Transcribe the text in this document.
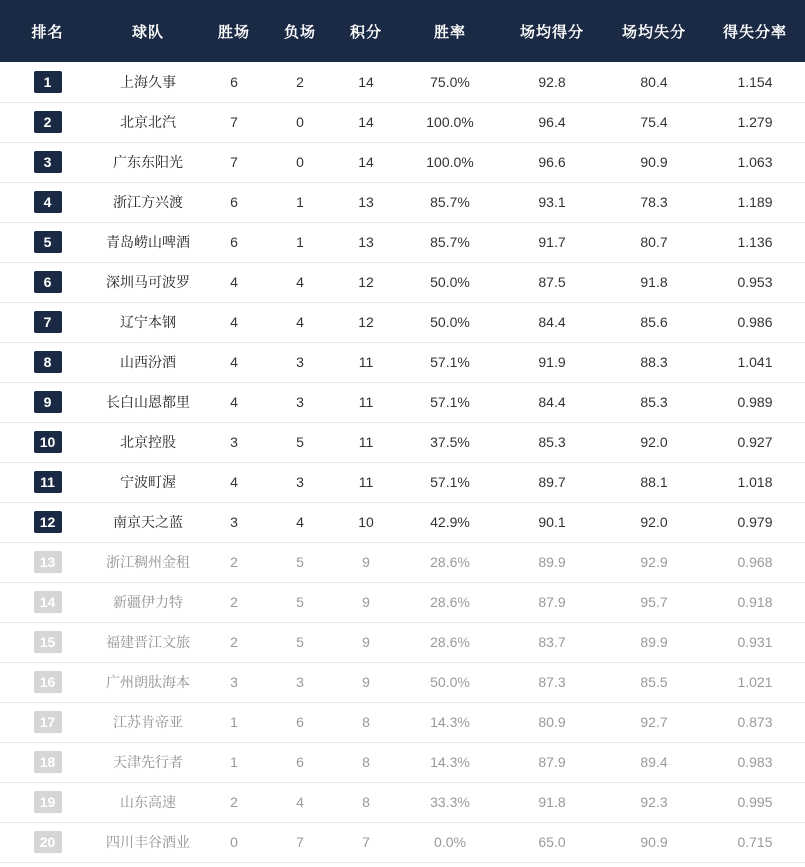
排名	球队	胜场	负场	积分	胜率	场均得分	场均失分	得失分率
1	上海久事	6	2	14	75.0%	92.8	80.4	1.154
2	北京北汽	7	0	14	100.0%	96.4	75.4	1.279
3	广东东阳光	7	0	14	100.0%	96.6	90.9	1.063
4	浙江方兴渡	6	1	13	85.7%	93.1	78.3	1.189
5	青岛崂山啤酒	6	1	13	85.7%	91.7	80.7	1.136
6	深圳马可波罗	4	4	12	50.0%	87.5	91.8	0.953
7	辽宁本钢	4	4	12	50.0%	84.4	85.6	0.986
8	山西汾酒	4	3	11	57.1%	91.9	88.3	1.041
9	长白山恩都里	4	3	11	57.1%	84.4	85.3	0.989
10	北京控股	3	5	11	37.5%	85.3	92.0	0.927
11	宁波町渥	4	3	11	57.1%	89.7	88.1	1.018
12	南京天之蓝	3	4	10	42.9%	90.1	92.0	0.979
13	浙江稠州金租	2	5	9	28.6%	89.9	92.9	0.968
14	新疆伊力特	2	5	9	28.6%	87.9	95.7	0.918
15	福建晋江文旅	2	5	9	28.6%	83.7	89.9	0.931
16	广州朗肽海本	3	3	9	50.0%	87.3	85.5	1.021
17	江苏肯帝亚	1	6	8	14.3%	80.9	92.7	0.873
18	天津先行者	1	6	8	14.3%	87.9	89.4	0.983
19	山东高速	2	4	8	33.3%	91.8	92.3	0.995
20	四川丰谷酒业	0	7	7	0.0%	65.0	90.9	0.715
